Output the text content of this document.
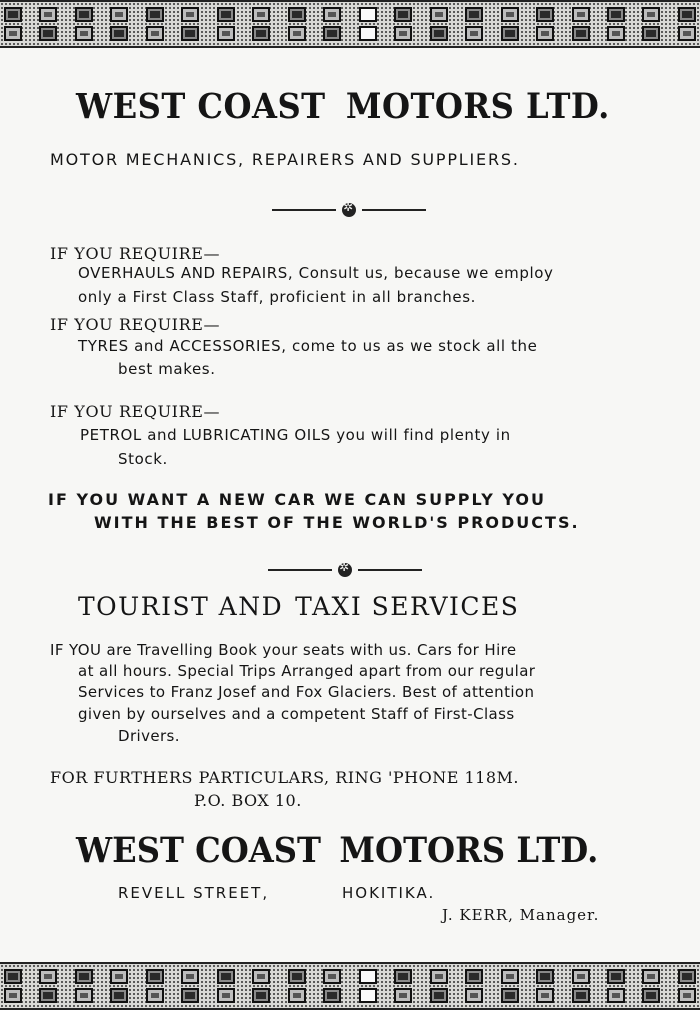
WEST COAST MOTORS LTD.
MOTOR MECHANICS, REPAIRERS AND SUPPLIERS.
✲
IF YOU REQUIRE—
OVERHAULS AND REPAIRS, Consult us, because we employ
only a First Class Staff, proficient in all branches.
IF YOU REQUIRE—
TYRES and ACCESSORIES, come to us as we stock all the
best makes.
IF YOU REQUIRE—
PETROL and LUBRICATING OILS you will find plenty in
Stock.
IF YOU WANT A NEW CAR WE CAN SUPPLY YOU
WITH THE BEST OF THE WORLD'S PRODUCTS.
✲
TOURIST AND TAXI SERVICES
IF YOU are Travelling Book your seats with us. Cars for Hire
at all hours. Special Trips Arranged apart from our regular
Services to Franz Josef and Fox Glaciers. Best of attention
given by ourselves and a competent Staff of First-Class
Drivers.
FOR FURTHERS PARTICULARS, RING 'PHONE 118M.
P.O. BOX 10.
WEST COAST MOTORS LTD.
REVELL STREET,	HOKITIKA.
J. KERR, Manager.
